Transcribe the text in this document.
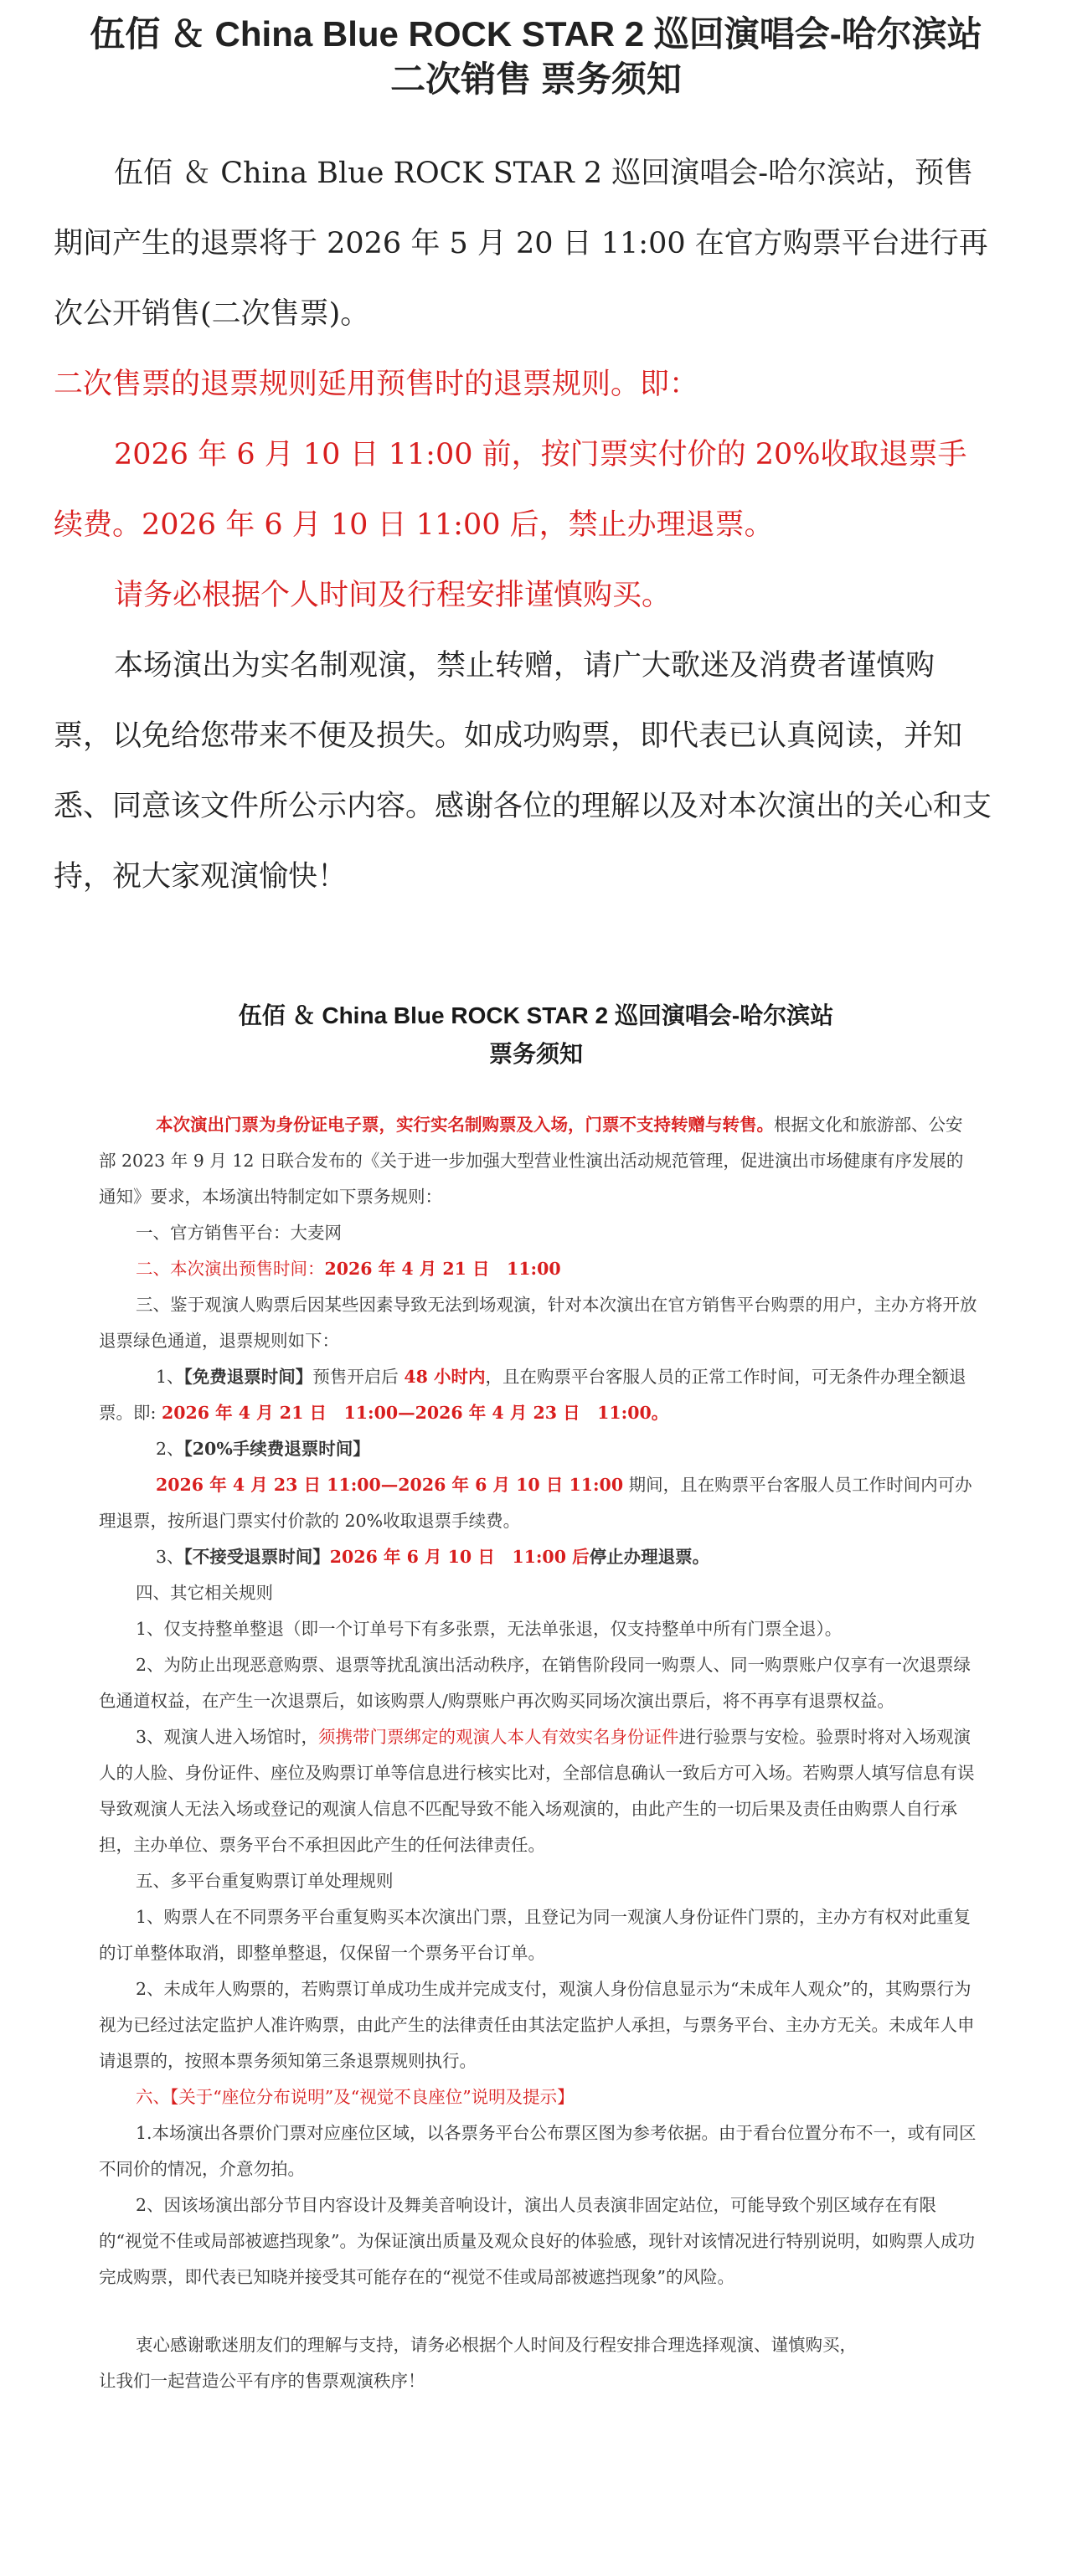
伍佰 ＆ China Blue ROCK STAR 2 巡回演唱会-哈尔滨站
二次销售 票务须知

伍佰 ＆ China Blue ROCK STAR 2 巡回演唱会-哈尔滨站，预售期间产生的退票将于 2026 年 5 月 20 日 11:00 在官方购票平台进行再次公开销售(二次售票)。

二次售票的退票规则延用预售时的退票规则。即：

2026 年 6 月 10 日 11:00 前，按门票实付价的 20%收取退票手续费。2026 年 6 月 10 日 11:00 后，禁止办理退票。

请务必根据个人时间及行程安排谨慎购买。

本场演出为实名制观演，禁止转赠，请广大歌迷及消费者谨慎购票，以免给您带来不便及损失。如成功购票，即代表已认真阅读，并知悉、同意该文件所公示内容。感谢各位的理解以及对本次演出的关心和支持，祝大家观演愉快！

伍佰 ＆ China Blue ROCK STAR 2 巡回演唱会-哈尔滨站
票务须知

本次演出门票为身份证电子票，实行实名制购票及入场，门票不支持转赠与转售。根据文化和旅游部、公安部 2023 年 9 月 12 日联合发布的《关于进一步加强大型营业性演出活动规范管理，促进演出市场健康有序发展的通知》要求，本场演出特制定如下票务规则：

一、官方销售平台：大麦网

二、本次演出预售时间：2026 年 4 月 21 日　11:00

三、鉴于观演人购票后因某些因素导致无法到场观演，针对本次演出在官方销售平台购票的用户，主办方将开放退票绿色通道，退票规则如下：

1、【免费退票时间】预售开启后 48 小时内，且在购票平台客服人员的正常工作时间，可无条件办理全额退票。即: 2026 年 4 月 21 日　11:00—2026 年 4 月 23 日　11:00。

2、【20%手续费退票时间】

2026 年 4 月 23 日 11:00—2026 年 6 月 10 日 11:00 期间，且在购票平台客服人员工作时间内可办理退票，按所退门票实付价款的 20%收取退票手续费。

3、【不接受退票时间】2026 年 6 月 10 日　11:00 后停止办理退票。

四、其它相关规则

1、仅支持整单整退（即一个订单号下有多张票，无法单张退，仅支持整单中所有门票全退）。

2、为防止出现恶意购票、退票等扰乱演出活动秩序，在销售阶段同一购票人、同一购票账户仅享有一次退票绿色通道权益，在产生一次退票后，如该购票人/购票账户再次购买同场次演出票后，将不再享有退票权益。

3、观演人进入场馆时，须携带门票绑定的观演人本人有效实名身份证件进行验票与安检。验票时将对入场观演人的人脸、身份证件、座位及购票订单等信息进行核实比对，全部信息确认一致后方可入场。若购票人填写信息有误导致观演人无法入场或登记的观演人信息不匹配导致不能入场观演的，由此产生的一切后果及责任由购票人自行承担，主办单位、票务平台不承担因此产生的任何法律责任。

五、多平台重复购票订单处理规则

1、购票人在不同票务平台重复购买本次演出门票，且登记为同一观演人身份证件门票的，主办方有权对此重复的订单整体取消，即整单整退，仅保留一个票务平台订单。

2、未成年人购票的，若购票订单成功生成并完成支付，观演人身份信息显示为“未成年人观众”的，其购票行为视为已经过法定监护人准许购票，由此产生的法律责任由其法定监护人承担，与票务平台、主办方无关。未成年人申请退票的，按照本票务须知第三条退票规则执行。

六、【关于“座位分布说明”及“视觉不良座位”说明及提示】

1.本场演出各票价门票对应座位区域，以各票务平台公布票区图为参考依据。由于看台位置分布不一，或有同区不同价的情况，介意勿拍。

2、因该场演出部分节目内容设计及舞美音响设计，演出人员表演非固定站位，可能导致个别区域存在有限的“视觉不佳或局部被遮挡现象”。为保证演出质量及观众良好的体验感，现针对该情况进行特别说明，如购票人成功完成购票，即代表已知晓并接受其可能存在的“视觉不佳或局部被遮挡现象”的风险。

衷心感谢歌迷朋友们的理解与支持，请务必根据个人时间及行程安排合理选择观演、谨慎购买，

让我们一起营造公平有序的售票观演秩序！
